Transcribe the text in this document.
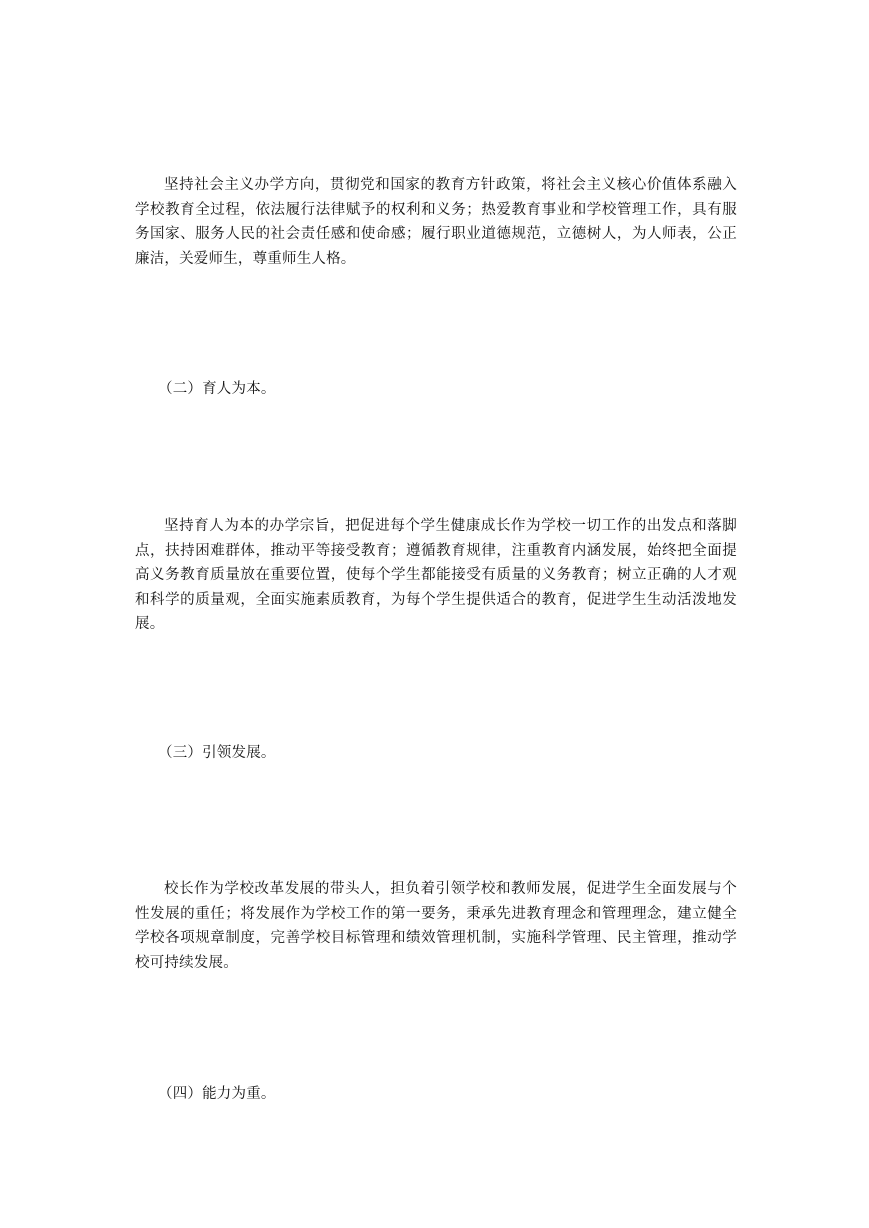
坚持社会主义办学方向，贯彻党和国家的教育方针政策，将社会主义核心价值体系融入学校教育全过程，依法履行法律赋予的权利和义务；热爱教育事业和学校管理工作，具有服务国家、服务人民的社会责任感和使命感；履行职业道德规范，立德树人，为人师表，公正廉洁，关爱师生，尊重师生人格。

（二）育人为本。

坚持育人为本的办学宗旨，把促进每个学生健康成长作为学校一切工作的出发点和落脚点，扶持困难群体，推动平等接受教育；遵循教育规律，注重教育内涵发展，始终把全面提高义务教育质量放在重要位置，使每个学生都能接受有质量的义务教育；树立正确的人才观和科学的质量观，全面实施素质教育，为每个学生提供适合的教育，促进学生生动活泼地发展。

（三）引领发展。

校长作为学校改革发展的带头人，担负着引领学校和教师发展，促进学生全面发展与个性发展的重任；将发展作为学校工作的第一要务，秉承先进教育理念和管理理念，建立健全学校各项规章制度，完善学校目标管理和绩效管理机制，实施科学管理、民主管理，推动学校可持续发展。

（四）能力为重。
